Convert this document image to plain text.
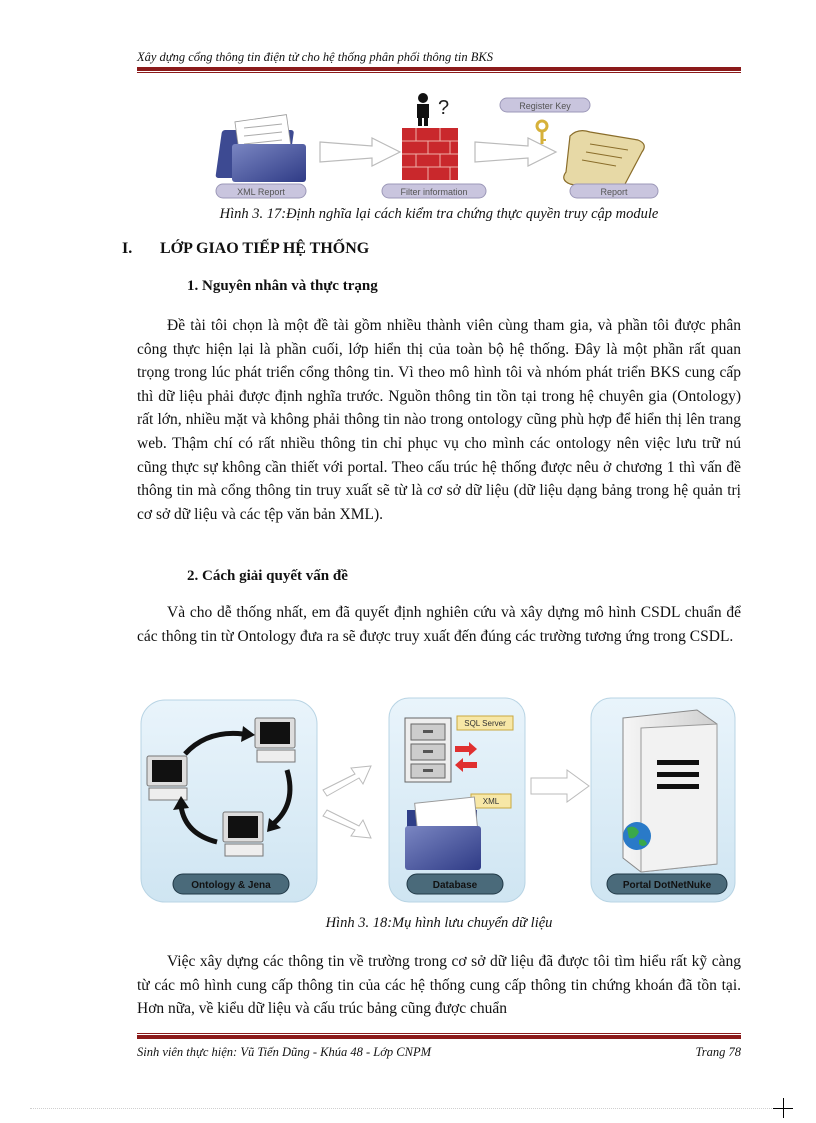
Xây dựng cổng thông tin điện tử cho hệ thống phân phối thông tin BKS
?
XML Report	Filter information
Register Key
Report
Hình 3. 17:Định nghĩa lại cách kiểm tra chứng thực quyền truy cập module
I. LỚP GIAO TIẾP HỆ THỐNG
1. Nguyên nhân và thực trạng

Đề tài tôi chọn là một đề tài gồm nhiều thành viên cùng tham gia, và phần tôi được phân công thực hiện lại là phần cuối, lớp hiển thị của toàn bộ hệ thống. Đây là một phần rất quan trọng trong lúc phát triển cổng thông tin. Vì theo mô hình tôi và nhóm phát triển BKS cung cấp thì dữ liệu phải được định nghĩa trước. Nguồn thông tin tồn tại trong hệ chuyên gia (Ontology) rất lớn, nhiều mặt và không phải thông tin nào trong ontology cũng phù hợp để hiển thị lên trang web. Thậm chí có rất nhiều thông tin chỉ phục vụ cho mình các ontology nên việc lưu trữ nú cũng thực sự không cần thiết với portal. Theo cấu trúc hệ thống được nêu ở chương 1 thì vấn đề thông tin mà cổng thông tin truy xuất sẽ từ là cơ sở dữ liệu (dữ liệu dạng bảng trong hệ quản trị cơ sở dữ liệu và các tệp văn bản XML).

2. Cách giải quyết vấn đề

Và cho dễ thống nhất, em đã quyết định nghiên cứu và xây dựng mô hình CSDL chuẩn để các thông tin từ Ontology đưa ra sẽ được truy xuất đến đúng các trường tương ứng trong CSDL.

Ontology & Jena
SQL Server
XML
Database	Portal DotNetNuke
Hình 3. 18:Mụ hình lưu chuyển dữ liệu

Việc xây dựng các thông tin về trường trong cơ sở dữ liệu đã được tôi tìm hiểu rất kỹ càng từ các mô hình cung cấp thông tin của các hệ thống cung cấp thông tin chứng khoán đã tồn tại. Hơn nữa, về kiểu dữ liệu và cấu trúc bảng cũng được chuẩn

Sinh viên thực hiện: Vũ Tiến Dũng - Khúa 48 - Lớp CNPM	Trang 78
